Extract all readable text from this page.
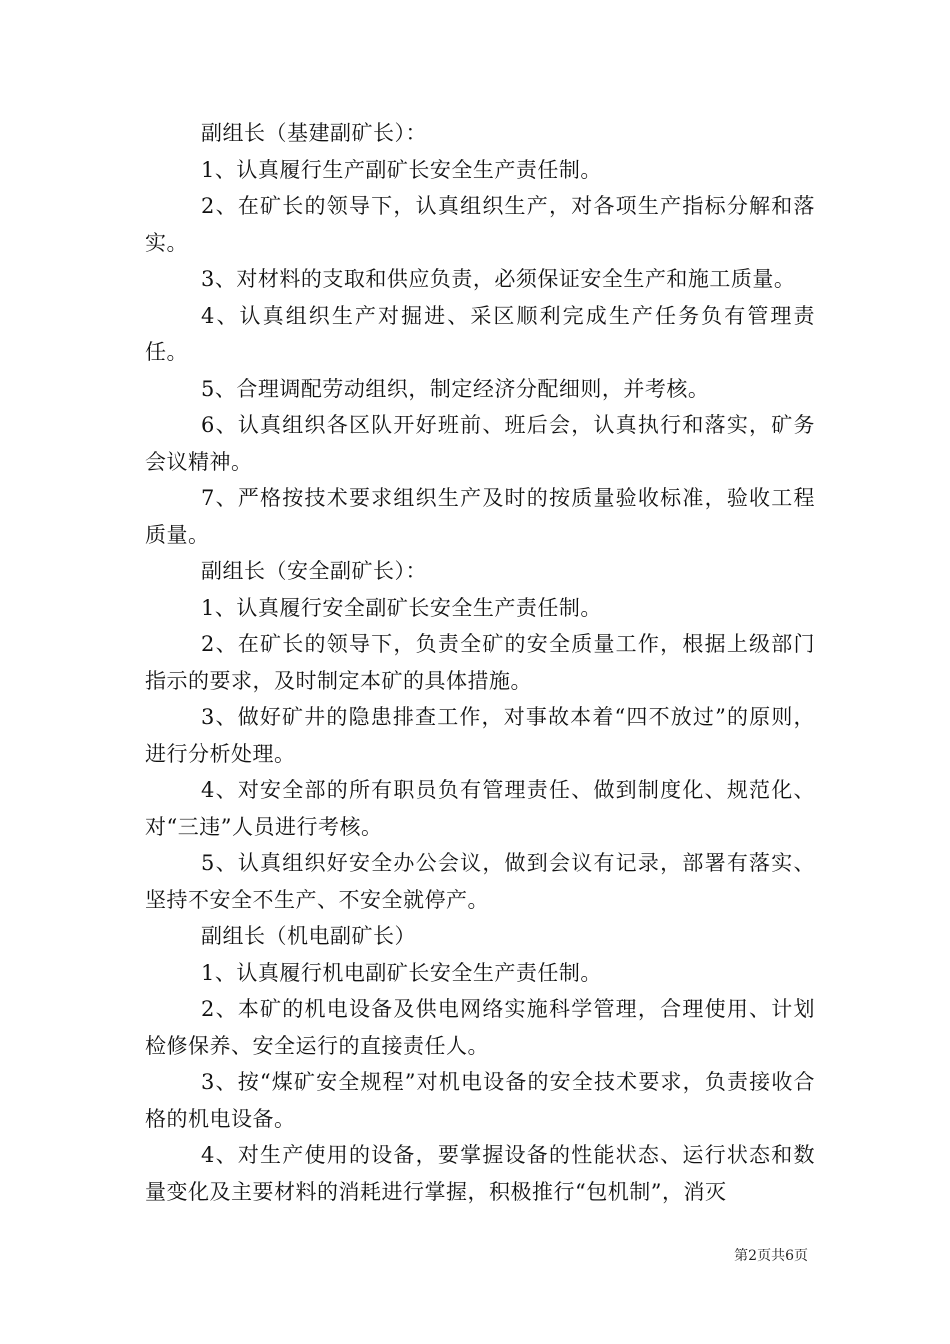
副组长（基建副矿长）：

1、认真履行生产副矿长安全生产责任制。

2、在矿长的领导下，认真组织生产，对各项生产指标分解和落实。

3、对材料的支取和供应负责，必须保证安全生产和施工质量。

4、认真组织生产对掘进、采区顺利完成生产任务负有管理责任。

5、合理调配劳动组织，制定经济分配细则，并考核。

6、认真组织各区队开好班前、班后会，认真执行和落实，矿务会议精神。

7、严格按技术要求组织生产及时的按质量验收标准，验收工程质量。

副组长（安全副矿长）：

1、认真履行安全副矿长安全生产责任制。

2、在矿长的领导下，负责全矿的安全质量工作，根据上级部门指示的要求，及时制定本矿的具体措施。

3、做好矿井的隐患排查工作，对事故本着“四不放过”的原则，进行分析处理。

4、对安全部的所有职员负有管理责任、做到制度化、规范化、对“三违”人员进行考核。

5、认真组织好安全办公会议，做到会议有记录，部署有落实、坚持不安全不生产、不安全就停产。

副组长（机电副矿长）

1、认真履行机电副矿长安全生产责任制。

2、本矿的机电设备及供电网络实施科学管理，合理使用、计划检修保养、安全运行的直接责任人。

3、按“煤矿安全规程”对机电设备的安全技术要求，负责接收合格的机电设备。

4、对生产使用的设备，要掌握设备的性能状态、运行状态和数量变化及主要材料的消耗进行掌握，积极推行“包机制”，消灭

第2页共6页
